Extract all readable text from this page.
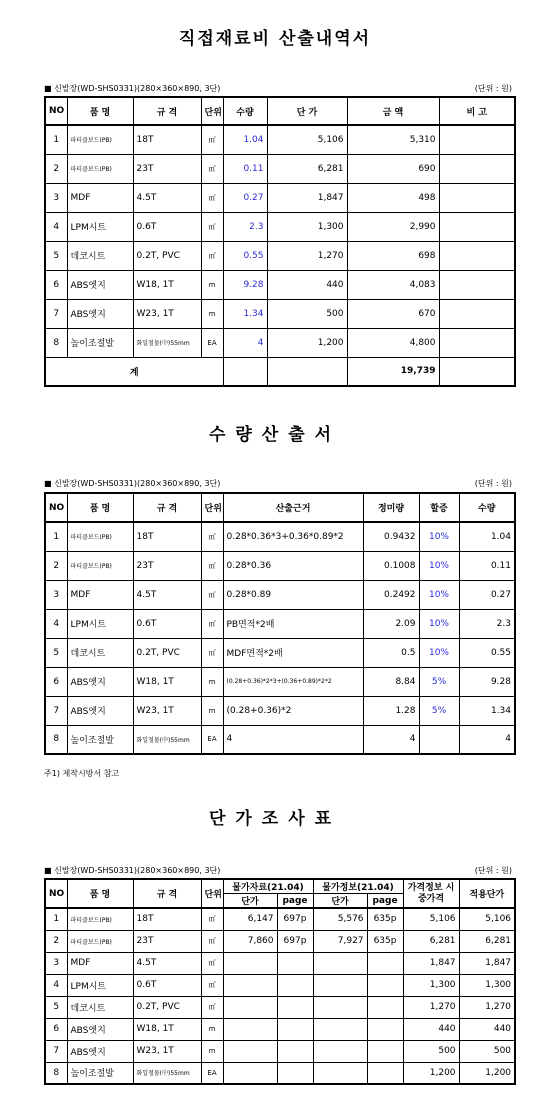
직접재료비 산출내역서
■ 신발장(WD-SHS0331)(280×360×890, 3단)	(단위 : 원)
NO	품 명	규 격	단위	수량	단 가	금 액	비 고
1	파티클보드(PB)	18T	㎡	1.04	5,106	5,310	
2	파티클보드(PB)	23T	㎡	0.11	6,281	690	
3	MDF	4.5T	㎡	0.27	1,847	498	
4	LPM시트	0.6T	㎡	2.3	1,300	2,990	
5	데코시트	0.2T, PVC	㎡	0.55	1,270	698	
6	ABS엣지	W18, 1T	m	9.28	440	4,083	
7	ABS엣지	W23, 1T	m	1.34	500	670	
8	높이조절발	화일철물(中)55mm	EA	4	1,200	4,800	
계						19,739	
수량산출서
■ 신발장(WD-SHS0331)(280×360×890, 3단)	(단위 : 원)
NO	품 명	규 격	단위	산출근거	정미량	할증	수량
1	파티클보드(PB)	18T	㎡	0.28*0.36*3+0.36*0.89*2	0.9432	10%	1.04
2	파티클보드(PB)	23T	㎡	0.28*0.36	0.1008	10%	0.11
3	MDF	4.5T	㎡	0.28*0.89	0.2492	10%	0.27
4	LPM시트	0.6T	㎡	PB면적*2배	2.09	10%	2.3
5	데코시트	0.2T, PVC	㎡	MDF면적*2배	0.5	10%	0.55
6	ABS엣지	W18, 1T	m	(0.28+0.36)*2*3+(0.36+0.89)*2*2	8.84	5%	9.28
7	ABS엣지	W23, 1T	m	(0.28+0.36)*2	1.28	5%	1.34
8	높이조절발	화일철물(中)55mm	EA	4	4		4
주1) 제작시방서 참고
단가조사표
■ 신발장(WD-SHS0331)(280×360×890, 3단)	(단위 : 원)
NO	품 명	규 격	단위	물가자료(21.04)		물가정보(21.04)		가격정보 시중가격	적용단가
				단가	page	단가	page		
1	파티클보드(PB)	18T	㎡	6,147	697p	5,576	635p	5,106	5,106
2	파티클보드(PB)	23T	㎡	7,860	697p	7,927	635p	6,281	6,281
3	MDF	4.5T	㎡					1,847	1,847
4	LPM시트	0.6T	㎡					1,300	1,300
5	데코시트	0.2T, PVC	㎡					1,270	1,270
6	ABS엣지	W18, 1T	m					440	440
7	ABS엣지	W23, 1T	m					500	500
8	높이조절발	화일철물(中)55mm	EA					1,200	1,200
